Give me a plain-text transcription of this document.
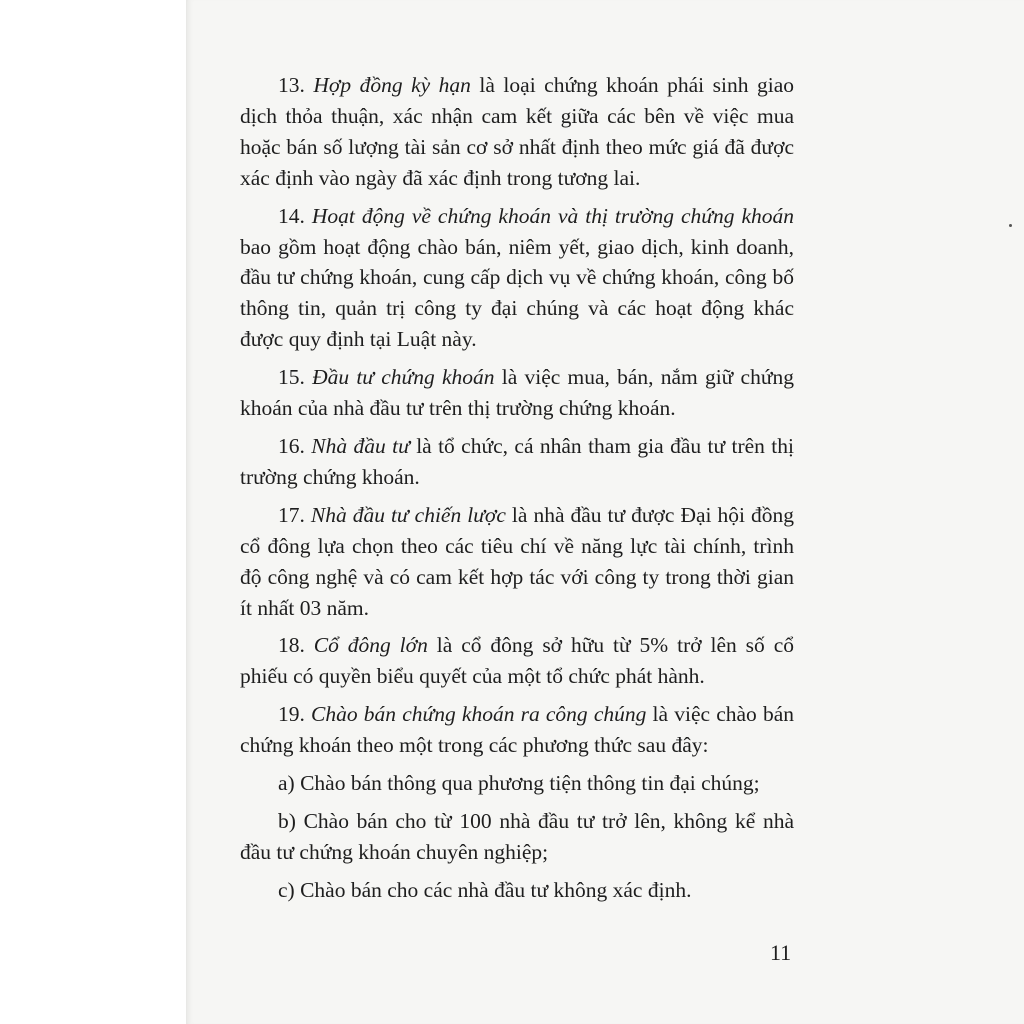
13. Hợp đồng kỳ hạn là loại chứng khoán phái sinh giao dịch thỏa thuận, xác nhận cam kết giữa các bên về việc mua hoặc bán số lượng tài sản cơ sở nhất định theo mức giá đã được xác định vào ngày đã xác định trong tương lai.

14. Hoạt động về chứng khoán và thị trường chứng khoán bao gồm hoạt động chào bán, niêm yết, giao dịch, kinh doanh, đầu tư chứng khoán, cung cấp dịch vụ về chứng khoán, công bố thông tin, quản trị công ty đại chúng và các hoạt động khác được quy định tại Luật này.

15. Đầu tư chứng khoán là việc mua, bán, nắm giữ chứng khoán của nhà đầu tư trên thị trường chứng khoán.

16. Nhà đầu tư là tổ chức, cá nhân tham gia đầu tư trên thị trường chứng khoán.

17. Nhà đầu tư chiến lược là nhà đầu tư được Đại hội đồng cổ đông lựa chọn theo các tiêu chí về năng lực tài chính, trình độ công nghệ và có cam kết hợp tác với công ty trong thời gian ít nhất 03 năm.

18. Cổ đông lớn là cổ đông sở hữu từ 5% trở lên số cổ phiếu có quyền biểu quyết của một tổ chức phát hành.

19. Chào bán chứng khoán ra công chúng là việc chào bán chứng khoán theo một trong các phương thức sau đây:

a) Chào bán thông qua phương tiện thông tin đại chúng;

b) Chào bán cho từ 100 nhà đầu tư trở lên, không kể nhà đầu tư chứng khoán chuyên nghiệp;

c) Chào bán cho các nhà đầu tư không xác định.

11
